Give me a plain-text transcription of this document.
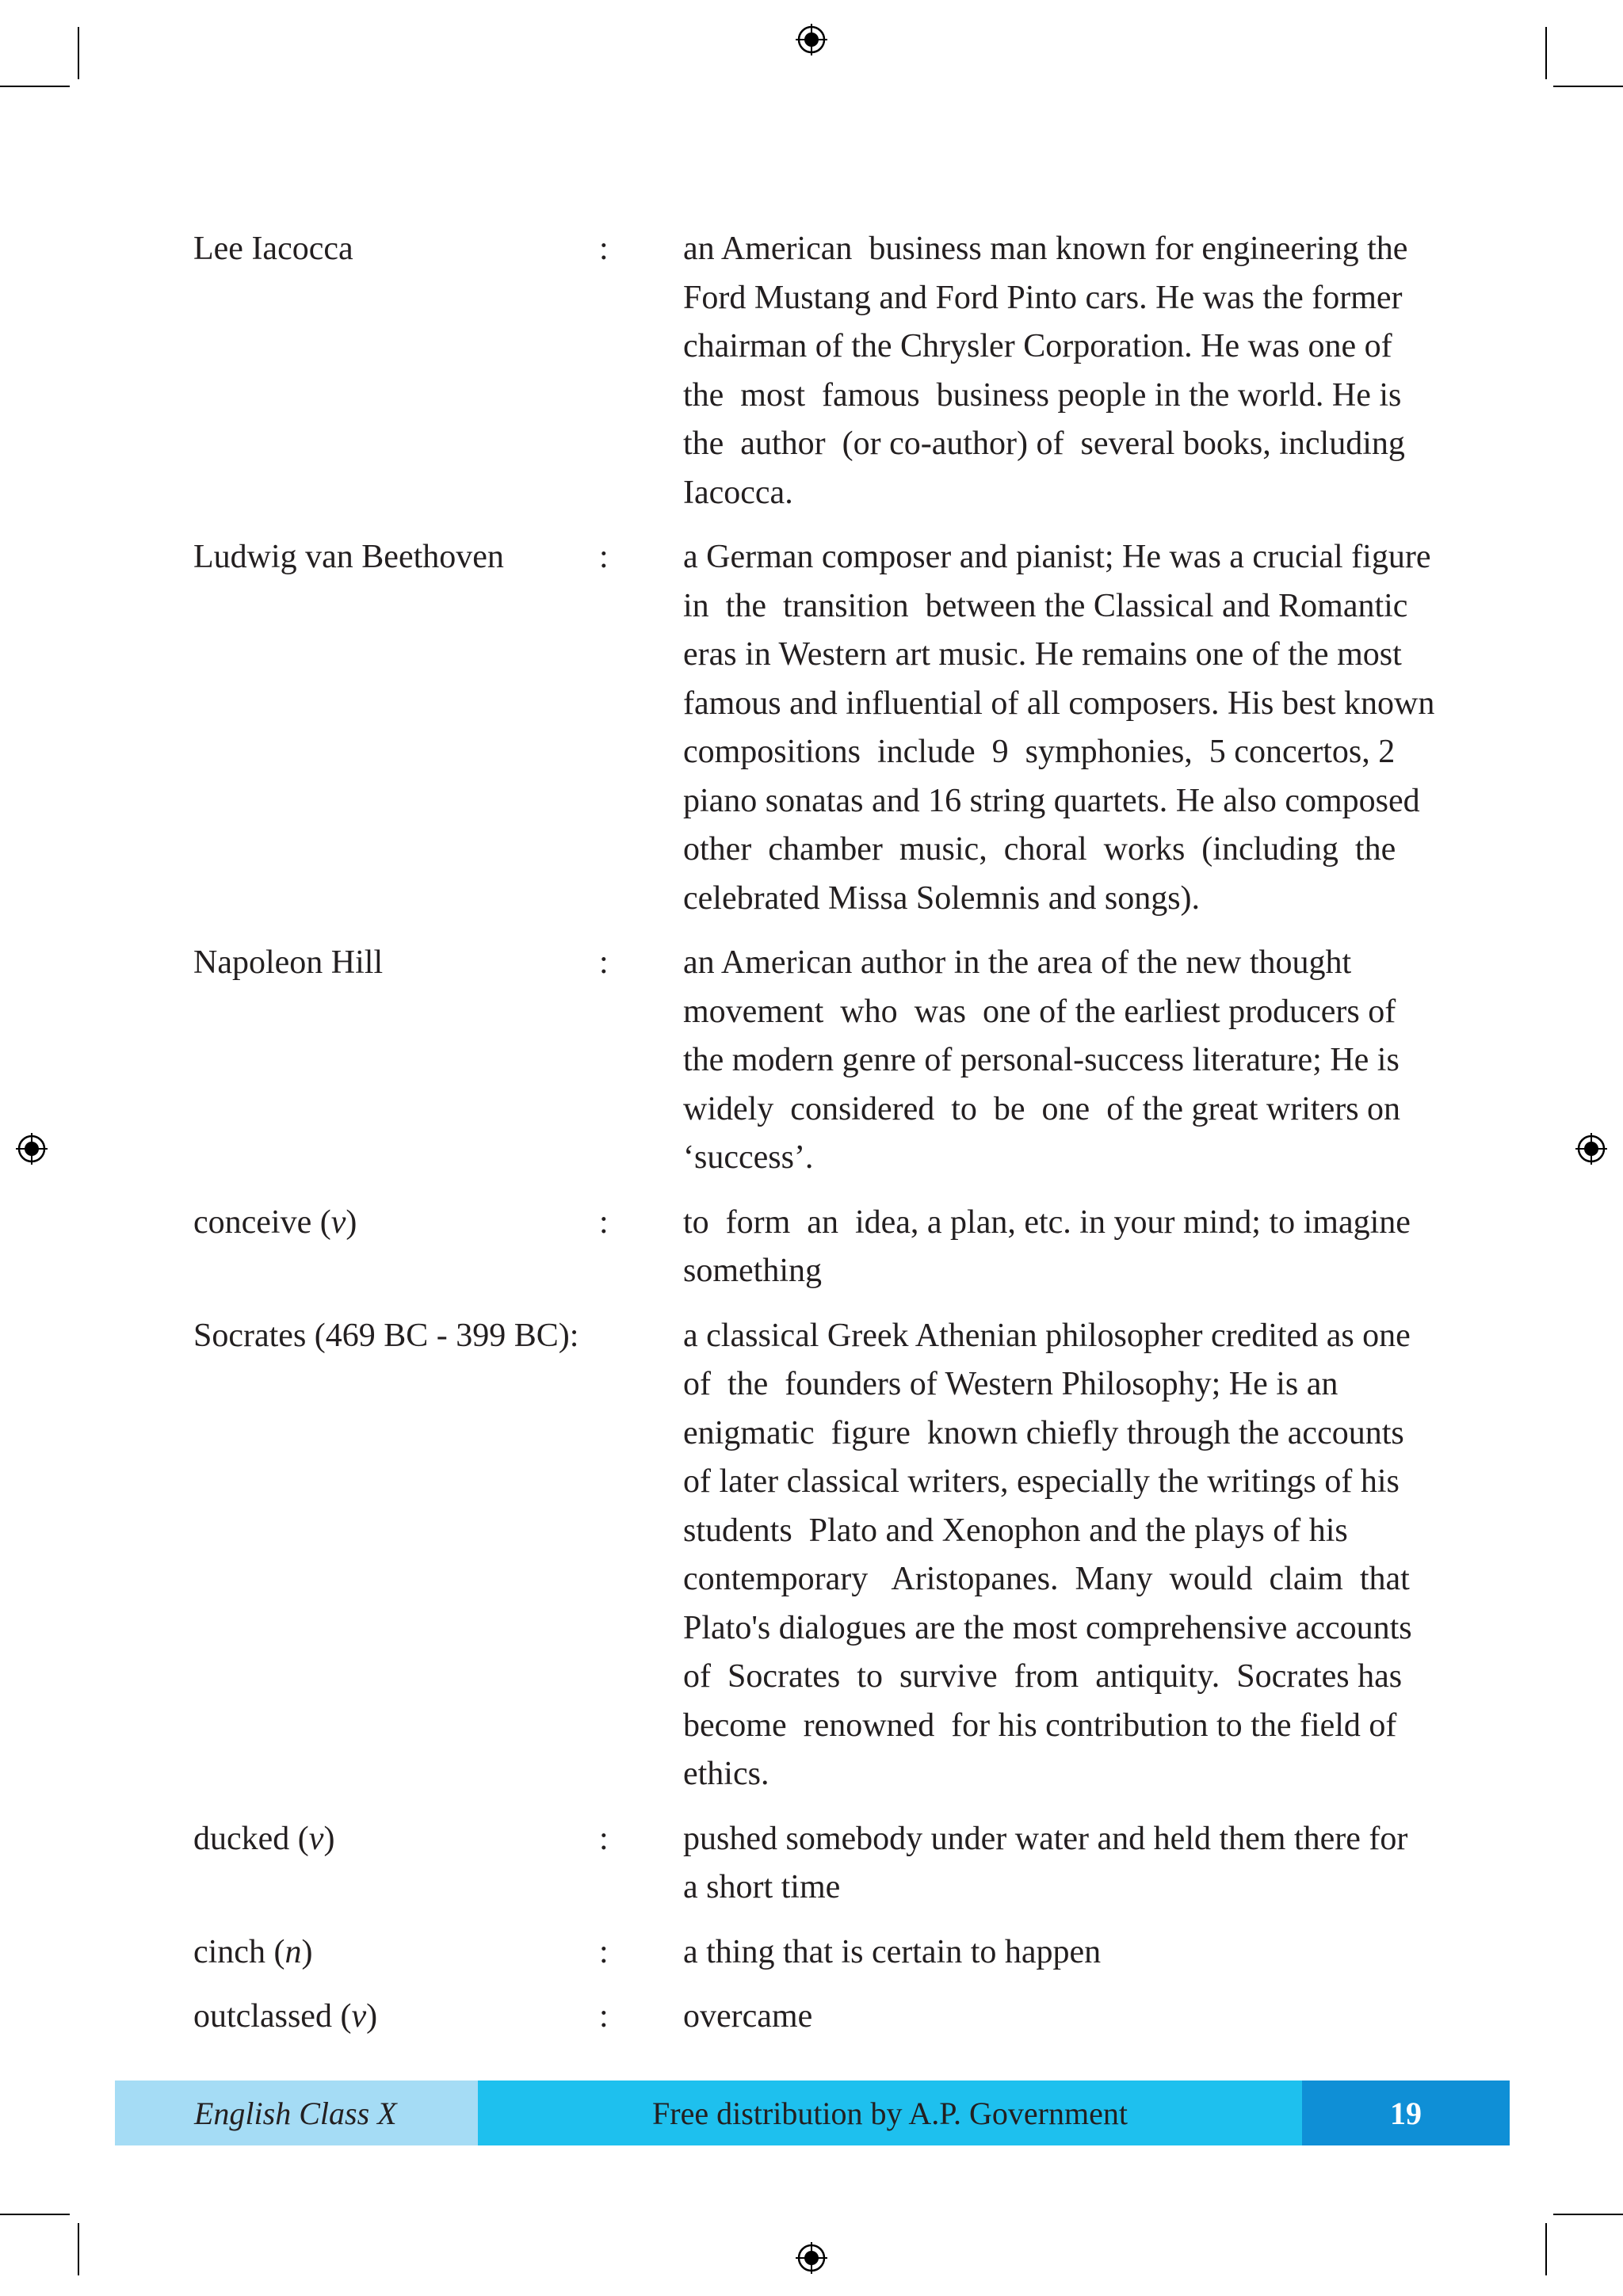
Lee Iacocca	:	an American  business man known for engineering the
Ford Mustang and Ford Pinto cars. He was the former
chairman of the Chrysler Corporation. He was one of
the  most  famous  business people in the world. He is
the  author  (or co-author) of  several books, including
Iacocca.
Ludwig van Beethoven	:	a German composer and pianist; He was a crucial figure
in  the  transition  between the Classical and Romantic
eras in Western art music. He remains one of the most
famous and influential of all composers. His best known
compositions  include  9  symphonies,  5 concertos, 2
piano sonatas and 16 string quartets. He also composed
other  chamber  music,  choral  works  (including  the
celebrated Missa Solemnis and songs).
Napoleon Hill	:	an American author in the area of the new thought
movement  who  was  one of the earliest producers of
the modern genre of personal-success literature; He is
widely  considered  to  be  one  of the great writers on
‘success’.
conceive (v)	:	to  form  an  idea, a plan, etc. in your mind; to imagine
something
Socrates (469 BC - 399 BC):	a classical Greek Athenian philosopher credited as one
of  the  founders of Western Philosophy; He is an
enigmatic  figure  known chiefly through the accounts
of later classical writers, especially the writings of his
students  Plato and Xenophon and the plays of his
contemporary   Aristopanes.  Many  would  claim  that
Plato's dialogues are the most comprehensive accounts
of  Socrates  to  survive  from  antiquity.  Socrates has
become  renowned  for his contribution to the field of
ethics.
ducked (v)	:	pushed somebody under water and held them there for
a short time
cinch (n)	:	a thing that is certain to happen
outclassed (v)	:	overcame
English Class X	Free distribution by A.P. Government	19
